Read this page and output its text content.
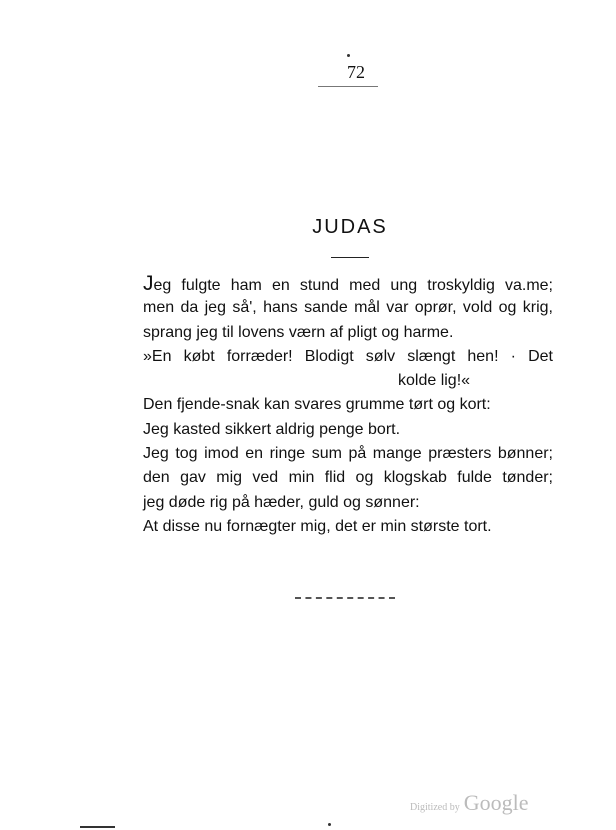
72
JUDAS
Jeg fulgte ham en stund med ung troskyldig va.me;
men da jeg så', hans sande mål var oprør, vold og krig,
sprang jeg til lovens værn af pligt og harme.
»En købt forræder! Blodigt sølv slængt hen! · Det
kolde lig!«
Den fjende-snak kan svares grumme tørt og kort:
Jeg kasted sikkert aldrig penge bort.
Jeg tog imod en ringe sum på mange præsters bønner;
den gav mig ved min flid og klogskab fulde tønder;
jeg døde rig på hæder, guld og sønner:
At disse nu fornægter mig, det er min største tort.
Digitized by Google
